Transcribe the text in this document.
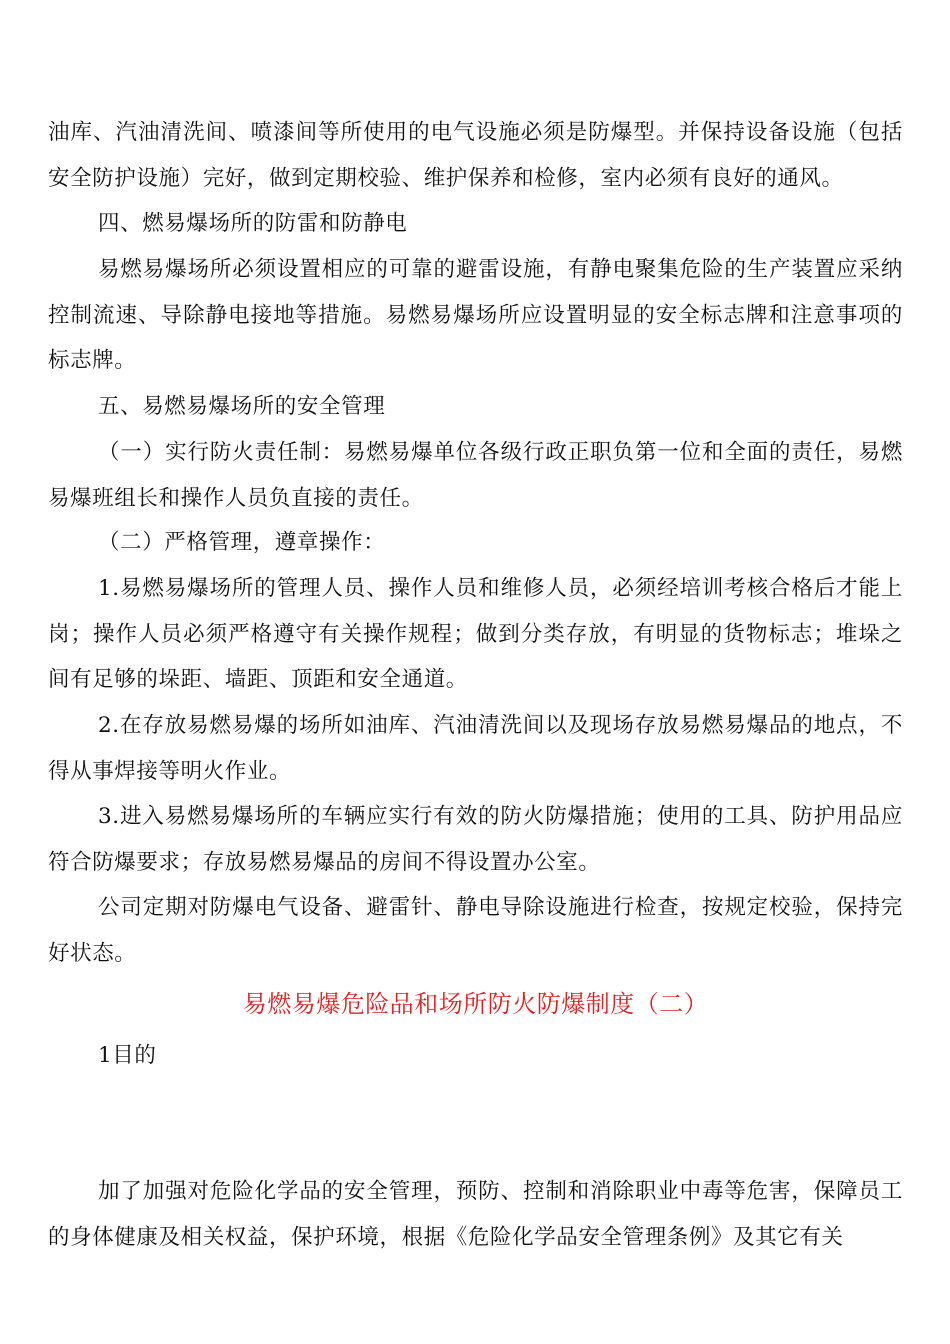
油库、汽油清洗间、喷漆间等所使用的电气设施必须是防爆型。并保持设备设施（包括安全防护设施）完好，做到定期校验、维护保养和检修，室内必须有良好的通风。

四、燃易爆场所的防雷和防静电

易燃易爆场所必须设置相应的可靠的避雷设施，有静电聚集危险的生产装置应采纳控制流速、导除静电接地等措施。易燃易爆场所应设置明显的安全标志牌和注意事项的标志牌。

五、易燃易爆场所的安全管理

（一）实行防火责任制：易燃易爆单位各级行政正职负第一位和全面的责任，易燃易爆班组长和操作人员负直接的责任。

（二）严格管理，遵章操作：

1.易燃易爆场所的管理人员、操作人员和维修人员，必须经培训考核合格后才能上岗；操作人员必须严格遵守有关操作规程；做到分类存放，有明显的货物标志；堆垛之间有足够的垛距、墙距、顶距和安全通道。

2.在存放易燃易爆的场所如油库、汽油清洗间以及现场存放易燃易爆品的地点，不得从事焊接等明火作业。

3.进入易燃易爆场所的车辆应实行有效的防火防爆措施；使用的工具、防护用品应符合防爆要求；存放易燃易爆品的房间不得设置办公室。

公司定期对防爆电气设备、避雷针、静电导除设施进行检查，按规定校验，保持完好状态。

易燃易爆危险品和场所防火防爆制度（二）

1目的

加了加强对危险化学品的安全管理，预防、控制和消除职业中毒等危害，保障员工的身体健康及相关权益，保护环境，根据《危险化学品安全管理条例》及其它有关
